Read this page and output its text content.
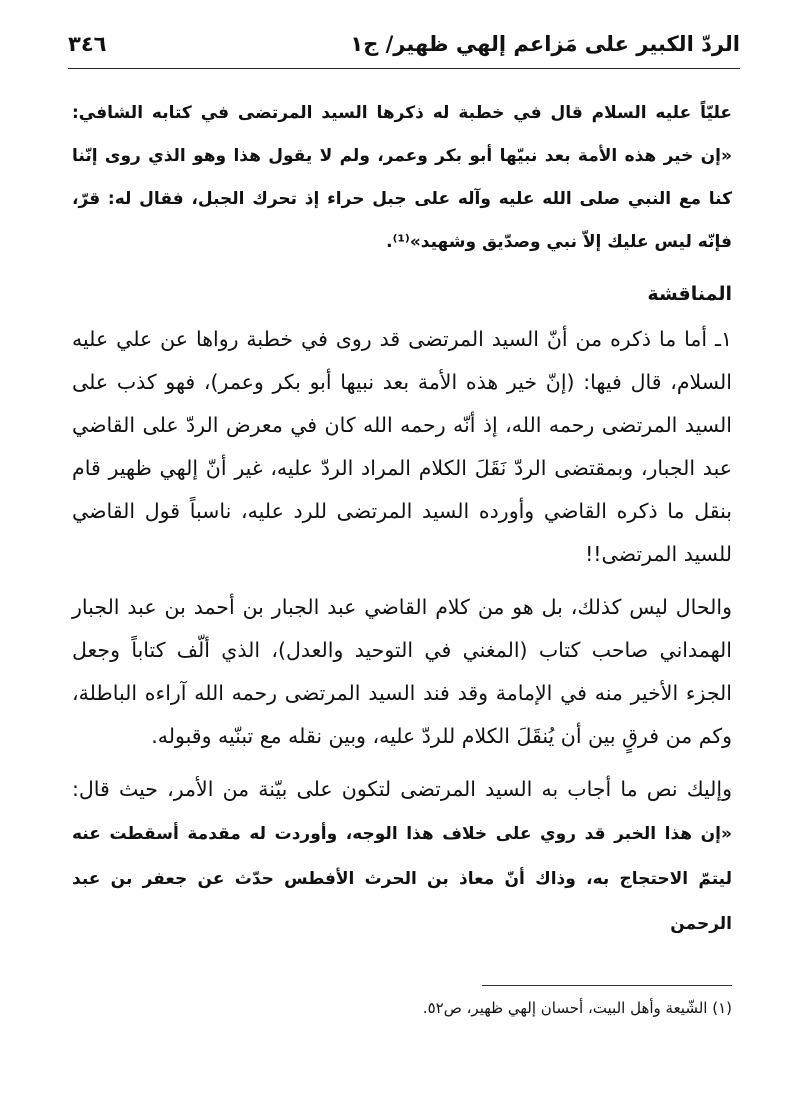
٣٤٦	الردّ الكبير على مَزاعم إلهي ظهير/ ج١

عليّاً عليه السلام قال في خطبة له ذكرها السيد المرتضى في كتابه الشافي: «إن خير هذه الأمة بعد نبيّها أبو بكر وعمر، ولم لا يقول هذا وهو الذي روى إنّنا كنا مع النبي صلى الله عليه وآله على جبل حراء إذ تحرك الجبل، فقال له: قرّ، فإنّه ليس عليك إلاّ نبي وصدّيق وشهيد»⁽¹⁾.

المناقشة

١ـ أما ما ذكره من أنّ السيد المرتضى قد روى في خطبة رواها عن علي عليه السلام، قال فيها: (إنّ خير هذه الأمة بعد نبيها أبو بكر وعمر)، فهو كذب على السيد المرتضى رحمه الله، إذ أنّه رحمه الله كان في معرض الردّ على القاضي عبد الجبار، وبمقتضى الردّ نَقَلَ الكلام المراد الردّ عليه، غير أنّ إلهي ظهير قام بنقل ما ذكره القاضي وأورده السيد المرتضى للرد عليه، ناسباً قول القاضي للسيد المرتضى!!

والحال ليس كذلك، بل هو من كلام القاضي عبد الجبار بن أحمد بن عبد الجبار الهمداني صاحب كتاب (المغني في التوحيد والعدل)، الذي ألّف كتاباً وجعل الجزء الأخير منه في الإمامة وقد فند السيد المرتضى رحمه الله آراءه الباطلة، وكم من فرقٍ بين أن يُنقَلَ الكلام للردّ عليه، وبين نقله مع تبنّيه وقبوله.

وإليك نص ما أجاب به السيد المرتضى لتكون على بيّنة من الأمر، حيث قال: «إن هذا الخبر قد روي على خلاف هذا الوجه، وأوردت له مقدمة أسقطت عنه ليتمّ الاحتجاج به، وذاك أنّ معاذ بن الحرث الأفطس حدّث عن جعفر بن عبد الرحمن

(١) الشّيعة وأهل البيت، أحسان إلهي ظهير، ص٥٢.
